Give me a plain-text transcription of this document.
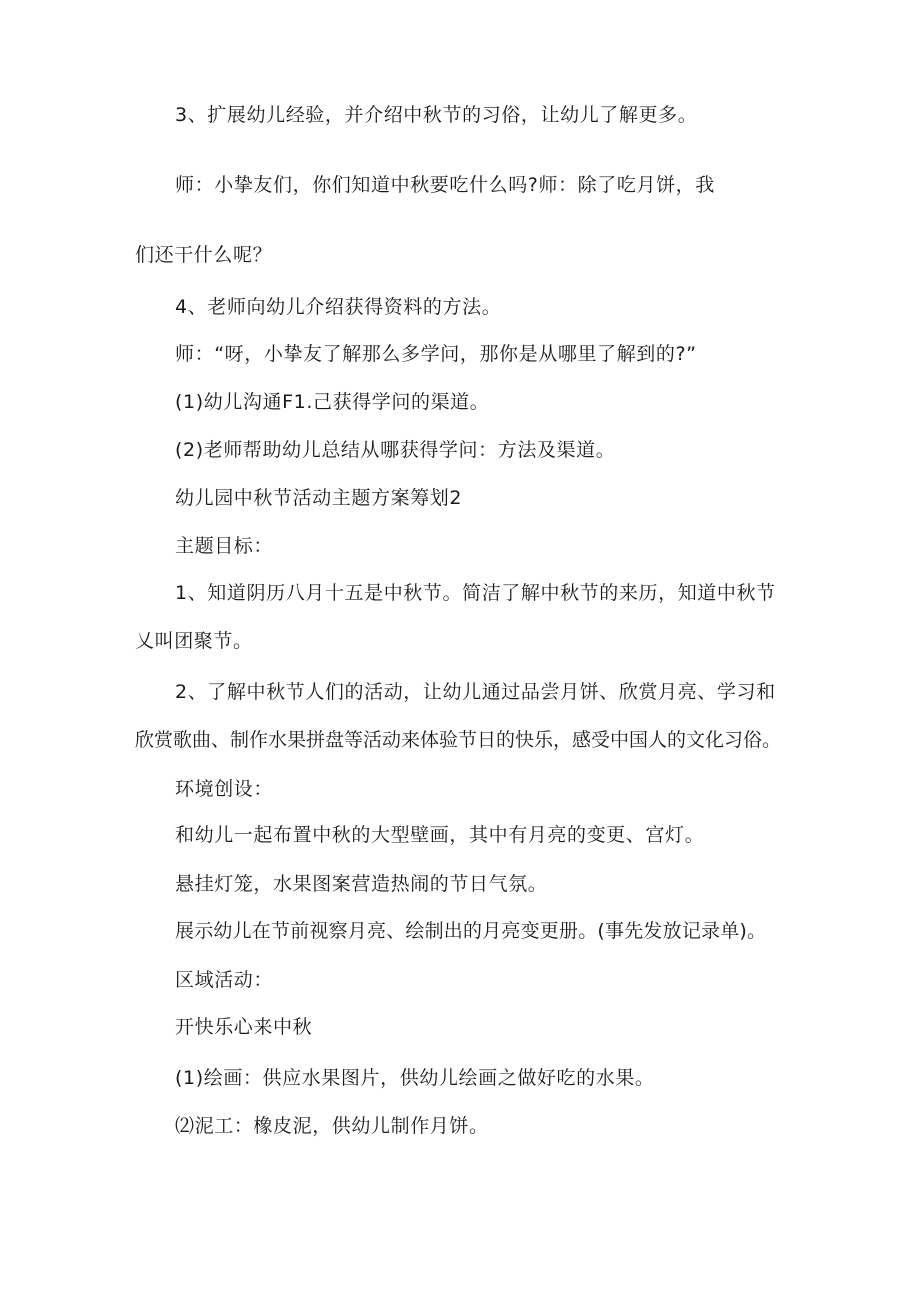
3、扩展幼儿经验，并介绍中秋节的习俗，让幼儿了解更多。
师：小挚友们，你们知道中秋要吃什么吗?师：除了吃月饼，我
们还干什么呢？
4、老师向幼儿介绍获得资料的方法。
师：“呀，小挚友了解那么多学问，那你是从哪里了解到的?”
(1)幼儿沟通F1.己获得学问的渠道。
(2)老师帮助幼儿总结从哪获得学问：方法及渠道。
幼儿园中秋节活动主题方案筹划2
主题目标：
1、知道阴历八月十五是中秋节。简洁了解中秋节的来历，知道中秋节
乂叫团聚节。
2、了解中秋节人们的活动，让幼儿通过品尝月饼、欣赏月亮、学习和
欣赏歌曲、制作水果拼盘等活动来体验节日的快乐，感受中国人的文化习俗。
环境创设：
和幼儿一起布置中秋的大型壁画，其中有月亮的变更、宫灯。
悬挂灯笼，水果图案营造热闹的节日气氛。
展示幼儿在节前视察月亮、绘制出的月亮变更册。(事先发放记录单)。
区域活动：
开快乐心来中秋
(1)绘画：供应水果图片，供幼儿绘画之做好吃的水果。
⑵泥工：橡皮泥，供幼儿制作月饼。
